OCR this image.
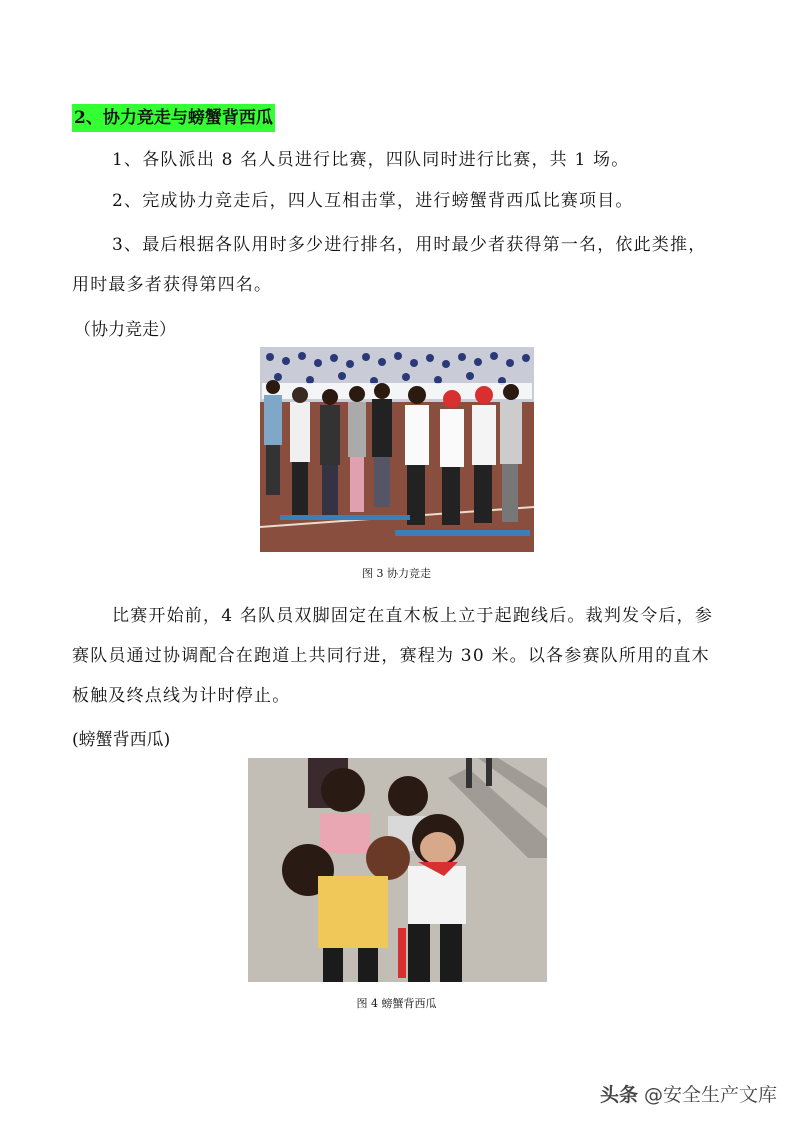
2、协力竞走与螃蟹背西瓜
1、各队派出 8 名人员进行比赛，四队同时进行比赛，共 1 场。
2、完成协力竞走后，四人互相击掌，进行螃蟹背西瓜比赛项目。
3、最后根据各队用时多少进行排名，用时最少者获得第一名，依此类推，用时最多者获得第四名。
（协力竞走）
图 3 协力竞走
比赛开始前，4 名队员双脚固定在直木板上立于起跑线后。裁判发令后，参赛队员通过协调配合在跑道上共同行进，赛程为 30 米。以各参赛队所用的直木板触及终点线为计时停止。
(螃蟹背西瓜)
图 4 螃蟹背西瓜
头条 @安全生产文库
